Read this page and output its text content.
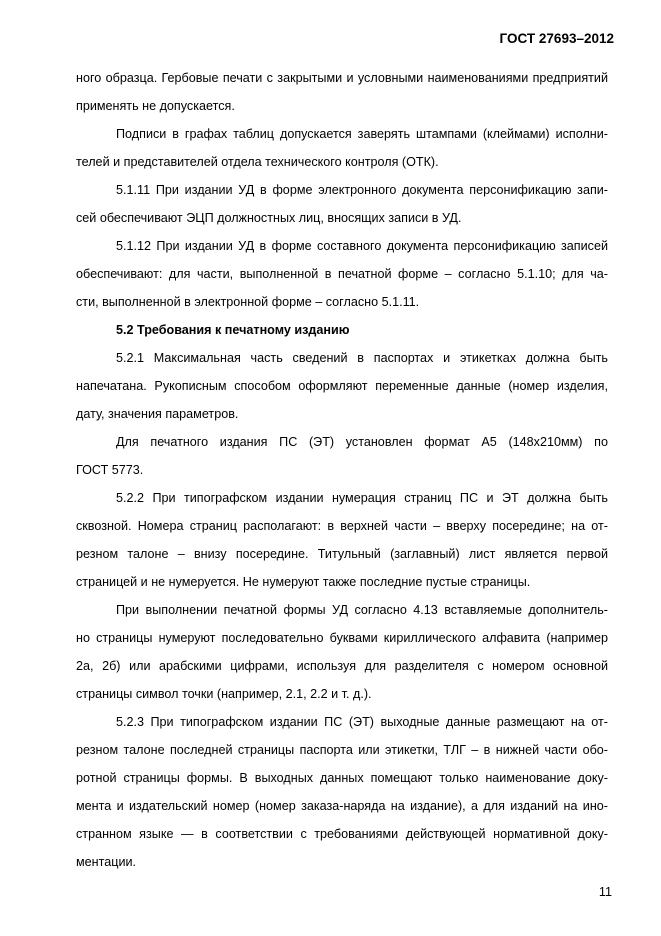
ГОСТ 27693–2012

ного образца. Гербовые печати с закрытыми и условными наименованиями предприятий

применять не допускается.

Подписи в графах таблиц допускается заверять штампами (клеймами) исполни-

телей и представителей отдела технического контроля (ОТК).

5.1.11 При издании УД в форме электронного документа персонификацию запи-

сей обеспечивают ЭЦП должностных лиц, вносящих записи в УД.

5.1.12 При издании УД в форме составного документа персонификацию записей

обеспечивают: для части, выполненной в печатной форме – согласно 5.1.10; для ча-

сти, выполненной в электронной форме – согласно 5.1.11.

5.2 Требования к печатному изданию

5.2.1 Максимальная часть сведений в паспортах и этикетках должна быть

напечатана. Рукописным способом оформляют переменные данные (номер изделия,

дату, значения параметров.

Для печатного издания ПС (ЭТ) установлен формат А5 (148х210мм) по

ГОСТ 5773.

5.2.2 При типографском издании нумерация страниц ПС и ЭТ должна быть

сквозной. Номера страниц располагают: в верхней части – вверху посередине; на от-

резном талоне – внизу посередине. Титульный (заглавный) лист является первой

страницей и не нумеруется. Не нумеруют также последние пустые страницы.

При выполнении печатной формы УД согласно 4.13 вставляемые дополнитель-

но страницы нумеруют последовательно буквами кириллического алфавита (например

2а, 2б) или арабскими цифрами, используя для разделителя с номером основной

страницы символ точки (например, 2.1, 2.2 и т. д.).

5.2.3 При типографском издании ПС (ЭТ) выходные данные размещают на от-

резном талоне последней страницы паспорта или этикетки, ТЛГ – в нижней части обо-

ротной страницы формы. В выходных данных помещают только наименование доку-

мента и издательский номер (номер заказа-наряда на издание), а для изданий на ино-

странном языке — в соответствии с требованиями действующей нормативной доку-

ментации.

11
